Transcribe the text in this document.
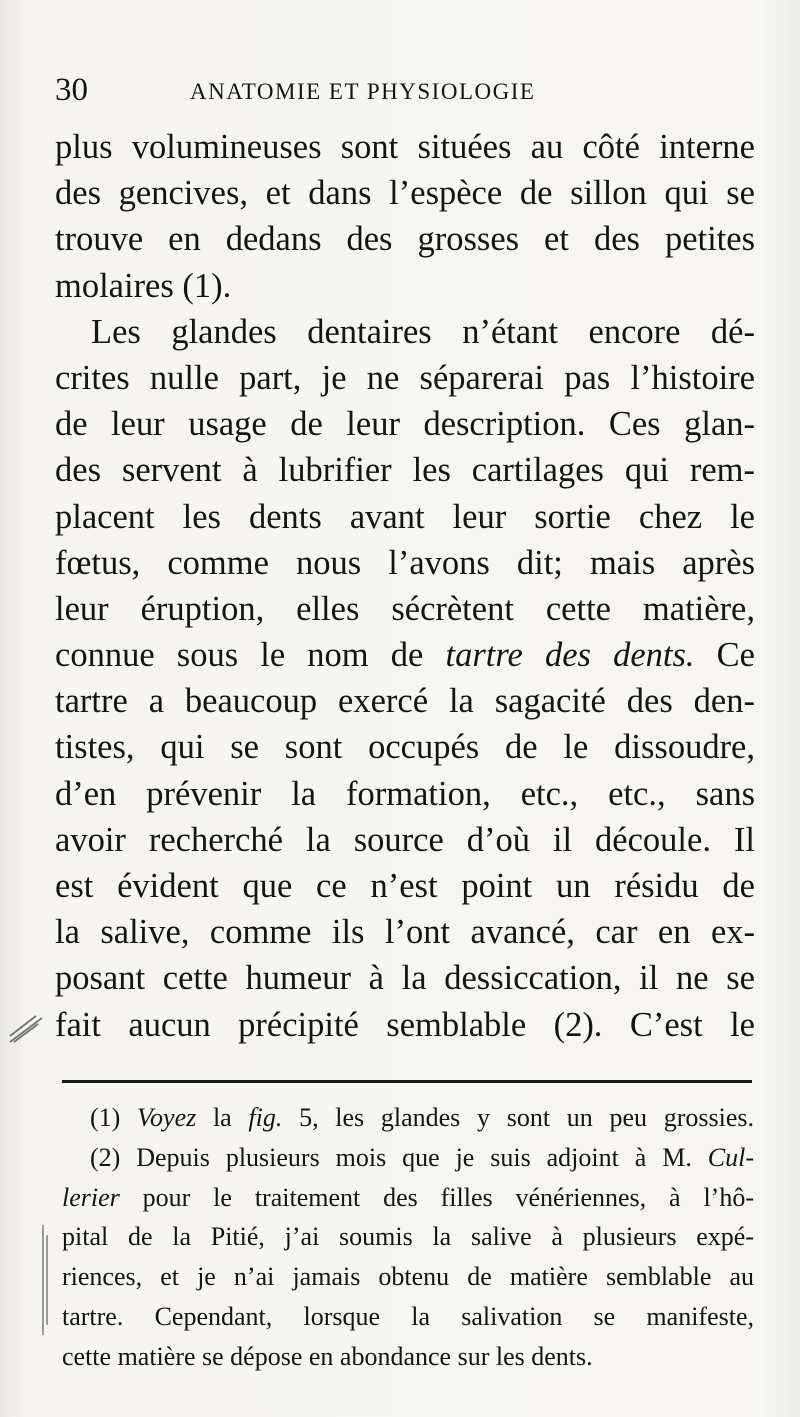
30	ANATOMIE ET PHYSIOLOGIE
plus volumineuses sont situées au côté interne
des gencives, et dans l’espèce de sillon qui se
trouve en dedans des grosses et des petites
molaires (1).
Les glandes dentaires n’étant encore dé-
crites nulle part, je ne séparerai pas l’histoire
de leur usage de leur description. Ces glan-
des servent à lubrifier les cartilages qui rem-
placent les dents avant leur sortie chez le
fœtus, comme nous l’avons dit; mais après
leur éruption, elles sécrètent cette matière,
connue sous le nom de tartre des dents. Ce
tartre a beaucoup exercé la sagacité des den-
tistes, qui se sont occupés de le dissoudre,
d’en prévenir la formation, etc., etc., sans
avoir recherché la source d’où il découle. Il
est évident que ce n’est point un résidu de
la salive, comme ils l’ont avancé, car en ex-
posant cette humeur à la dessiccation, il ne se
fait aucun précipité semblable (2). C’est le
(1) Voyez la fig. 5, les glandes y sont un peu grossies.
(2) Depuis plusieurs mois que je suis adjoint à M. Cul-
lerier pour le traitement des filles vénériennes, à l’hô-
pital de la Pitié, j’ai soumis la salive à plusieurs expé-
riences, et je n’ai jamais obtenu de matière semblable au
tartre. Cependant, lorsque la salivation se manifeste,
cette matière se dépose en abondance sur les dents.
